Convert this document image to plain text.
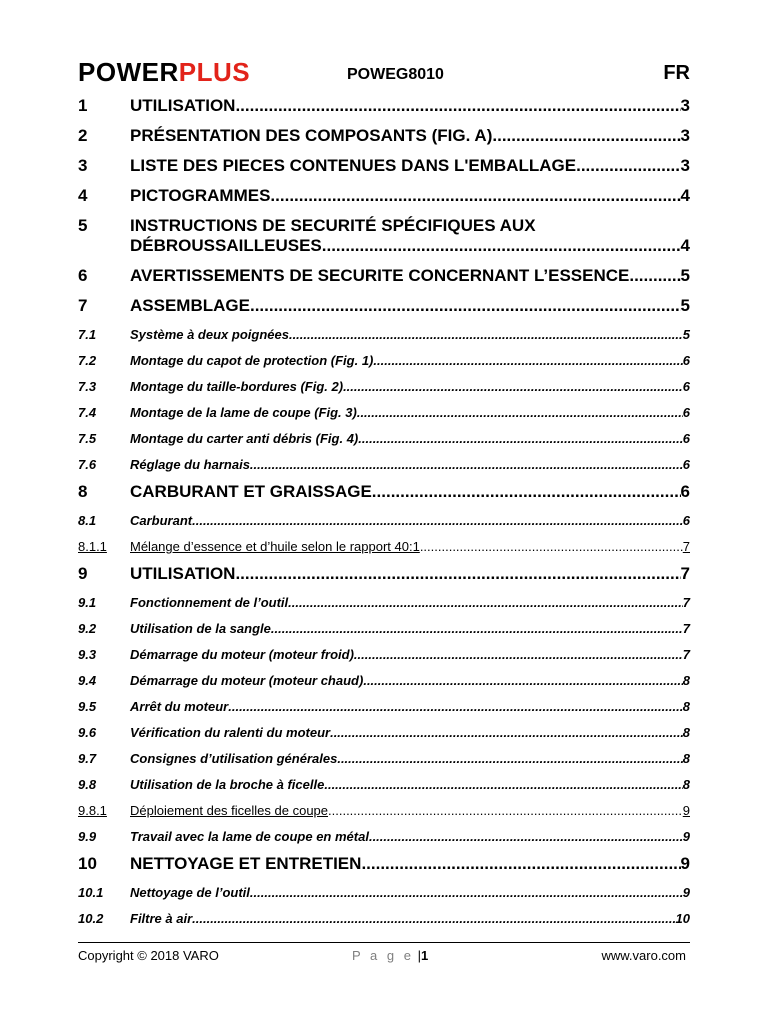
POWERPLUS	POWEG8010	FR
1	UTILISATION .....	3
2	PRÉSENTATION DES COMPOSANTS (FIG. A) .....	3
3	LISTE DES PIECES CONTENUES DANS L'EMBALLAGE .....	3
4	PICTOGRAMMES .....	4
5	INSTRUCTIONS DE SECURITÉ SPÉCIFIQUES AUX
DÉBROUSSAILLEUSES .....	4
6	AVERTISSEMENTS DE SECURITE CONCERNANT L’ESSENCE .....	5
7	ASSEMBLAGE .....	5
7.1	Système à deux poignées .....	5
7.2	Montage du capot de protection (Fig. 1) .....	6
7.3	Montage du taille-bordures (Fig. 2) .....	6
7.4	Montage de la lame de coupe (Fig. 3) .....	6
7.5	Montage du carter anti débris (Fig. 4) .....	6
7.6	Réglage du harnais .....	6
8	CARBURANT ET GRAISSAGE .....	6
8.1	Carburant .....	6
8.1.1 Mélange d’essence et d’huile selon le rapport 40:1 .....	7
9	UTILISATION .....	7
9.1	Fonctionnement de l’outil .....	7
9.2	Utilisation de la sangle .....	7
9.3	Démarrage du moteur (moteur froid) .....	7
9.4	Démarrage du moteur (moteur chaud) .....	8
9.5	Arrêt du moteur .....	8
9.6	Vérification du ralenti du moteur .....	8
9.7	Consignes d’utilisation générales .....	8
9.8	Utilisation de la broche à ficelle .....	8
9.8.1 Déploiement des ficelles de coupe .....	9
9.9	Travail avec la lame de coupe en métal .....	9
10 NETTOYAGE ET ENTRETIEN .....	9
10.1 Nettoyage de l’outil .....	9
10.2 Filtre à air .....	10
Copyright © 2018 VARO	P a g e |1	www.varo.com
